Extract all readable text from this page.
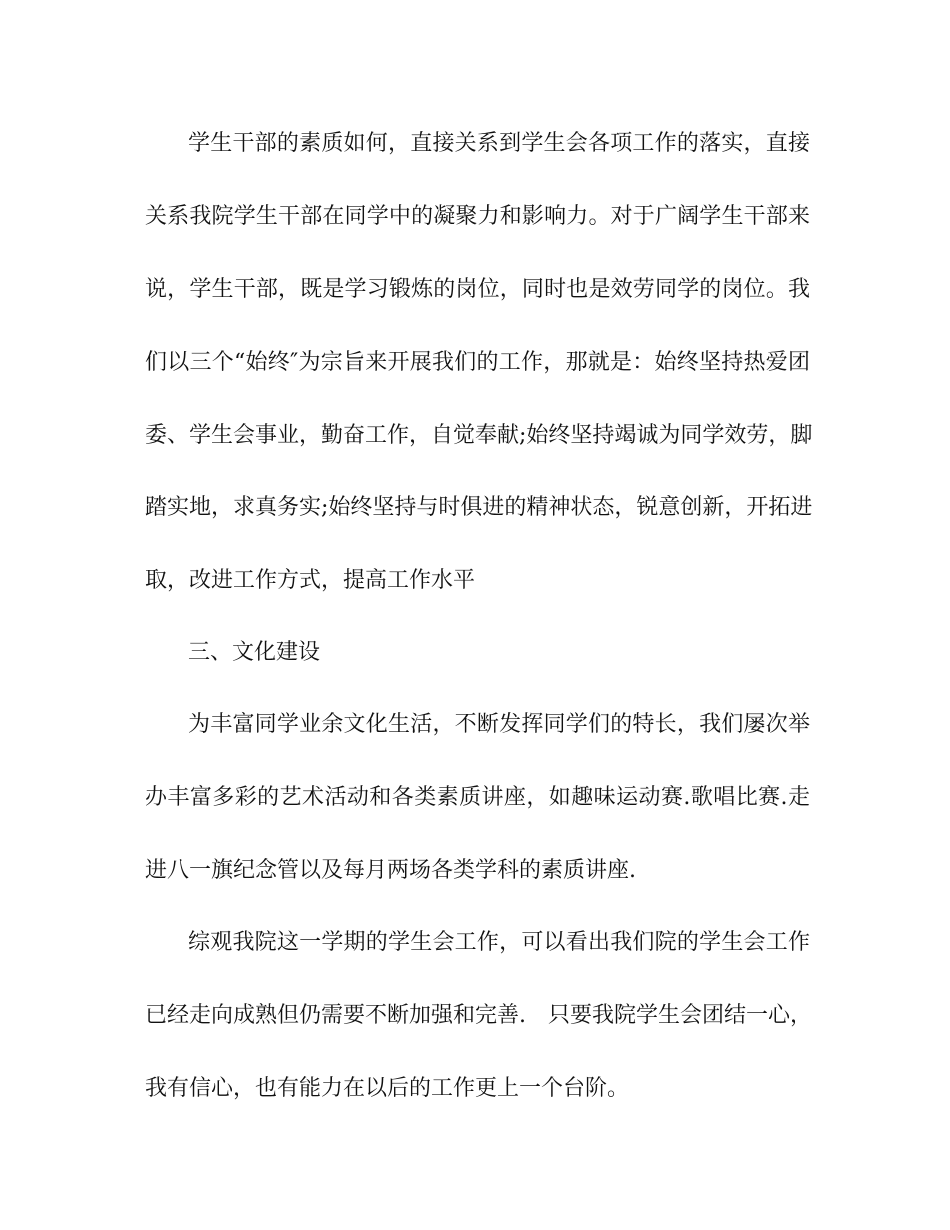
学生干部的素质如何，直接关系到学生会各项工作的落实，直接
关系我院学生干部在同学中的凝聚力和影响力。对于广阔学生干部来
说，学生干部，既是学习锻炼的岗位，同时也是效劳同学的岗位。我
们以三个“始终″为宗旨来开展我们的工作，那就是：始终坚持热爱团
委、学生会事业，勤奋工作，自觉奉献;始终坚持竭诚为同学效劳，脚
踏实地，求真务实;始终坚持与时俱进的精神状态，锐意创新，开拓进
取，改进工作方式，提高工作水平
三、文化建设
为丰富同学业余文化生活，不断发挥同学们的特长，我们屡次举
办丰富多彩的艺术活动和各类素质讲座，如趣味运动赛.歌唱比赛.走
进八一旗纪念管以及每月两场各类学科的素质讲座.
综观我院这一学期的学生会工作，可以看出我们院的学生会工作
已经走向成熟但仍需要不断加强和完善.　只要我院学生会团结一心，
我有信心，也有能力在以后的工作更上一个台阶。
